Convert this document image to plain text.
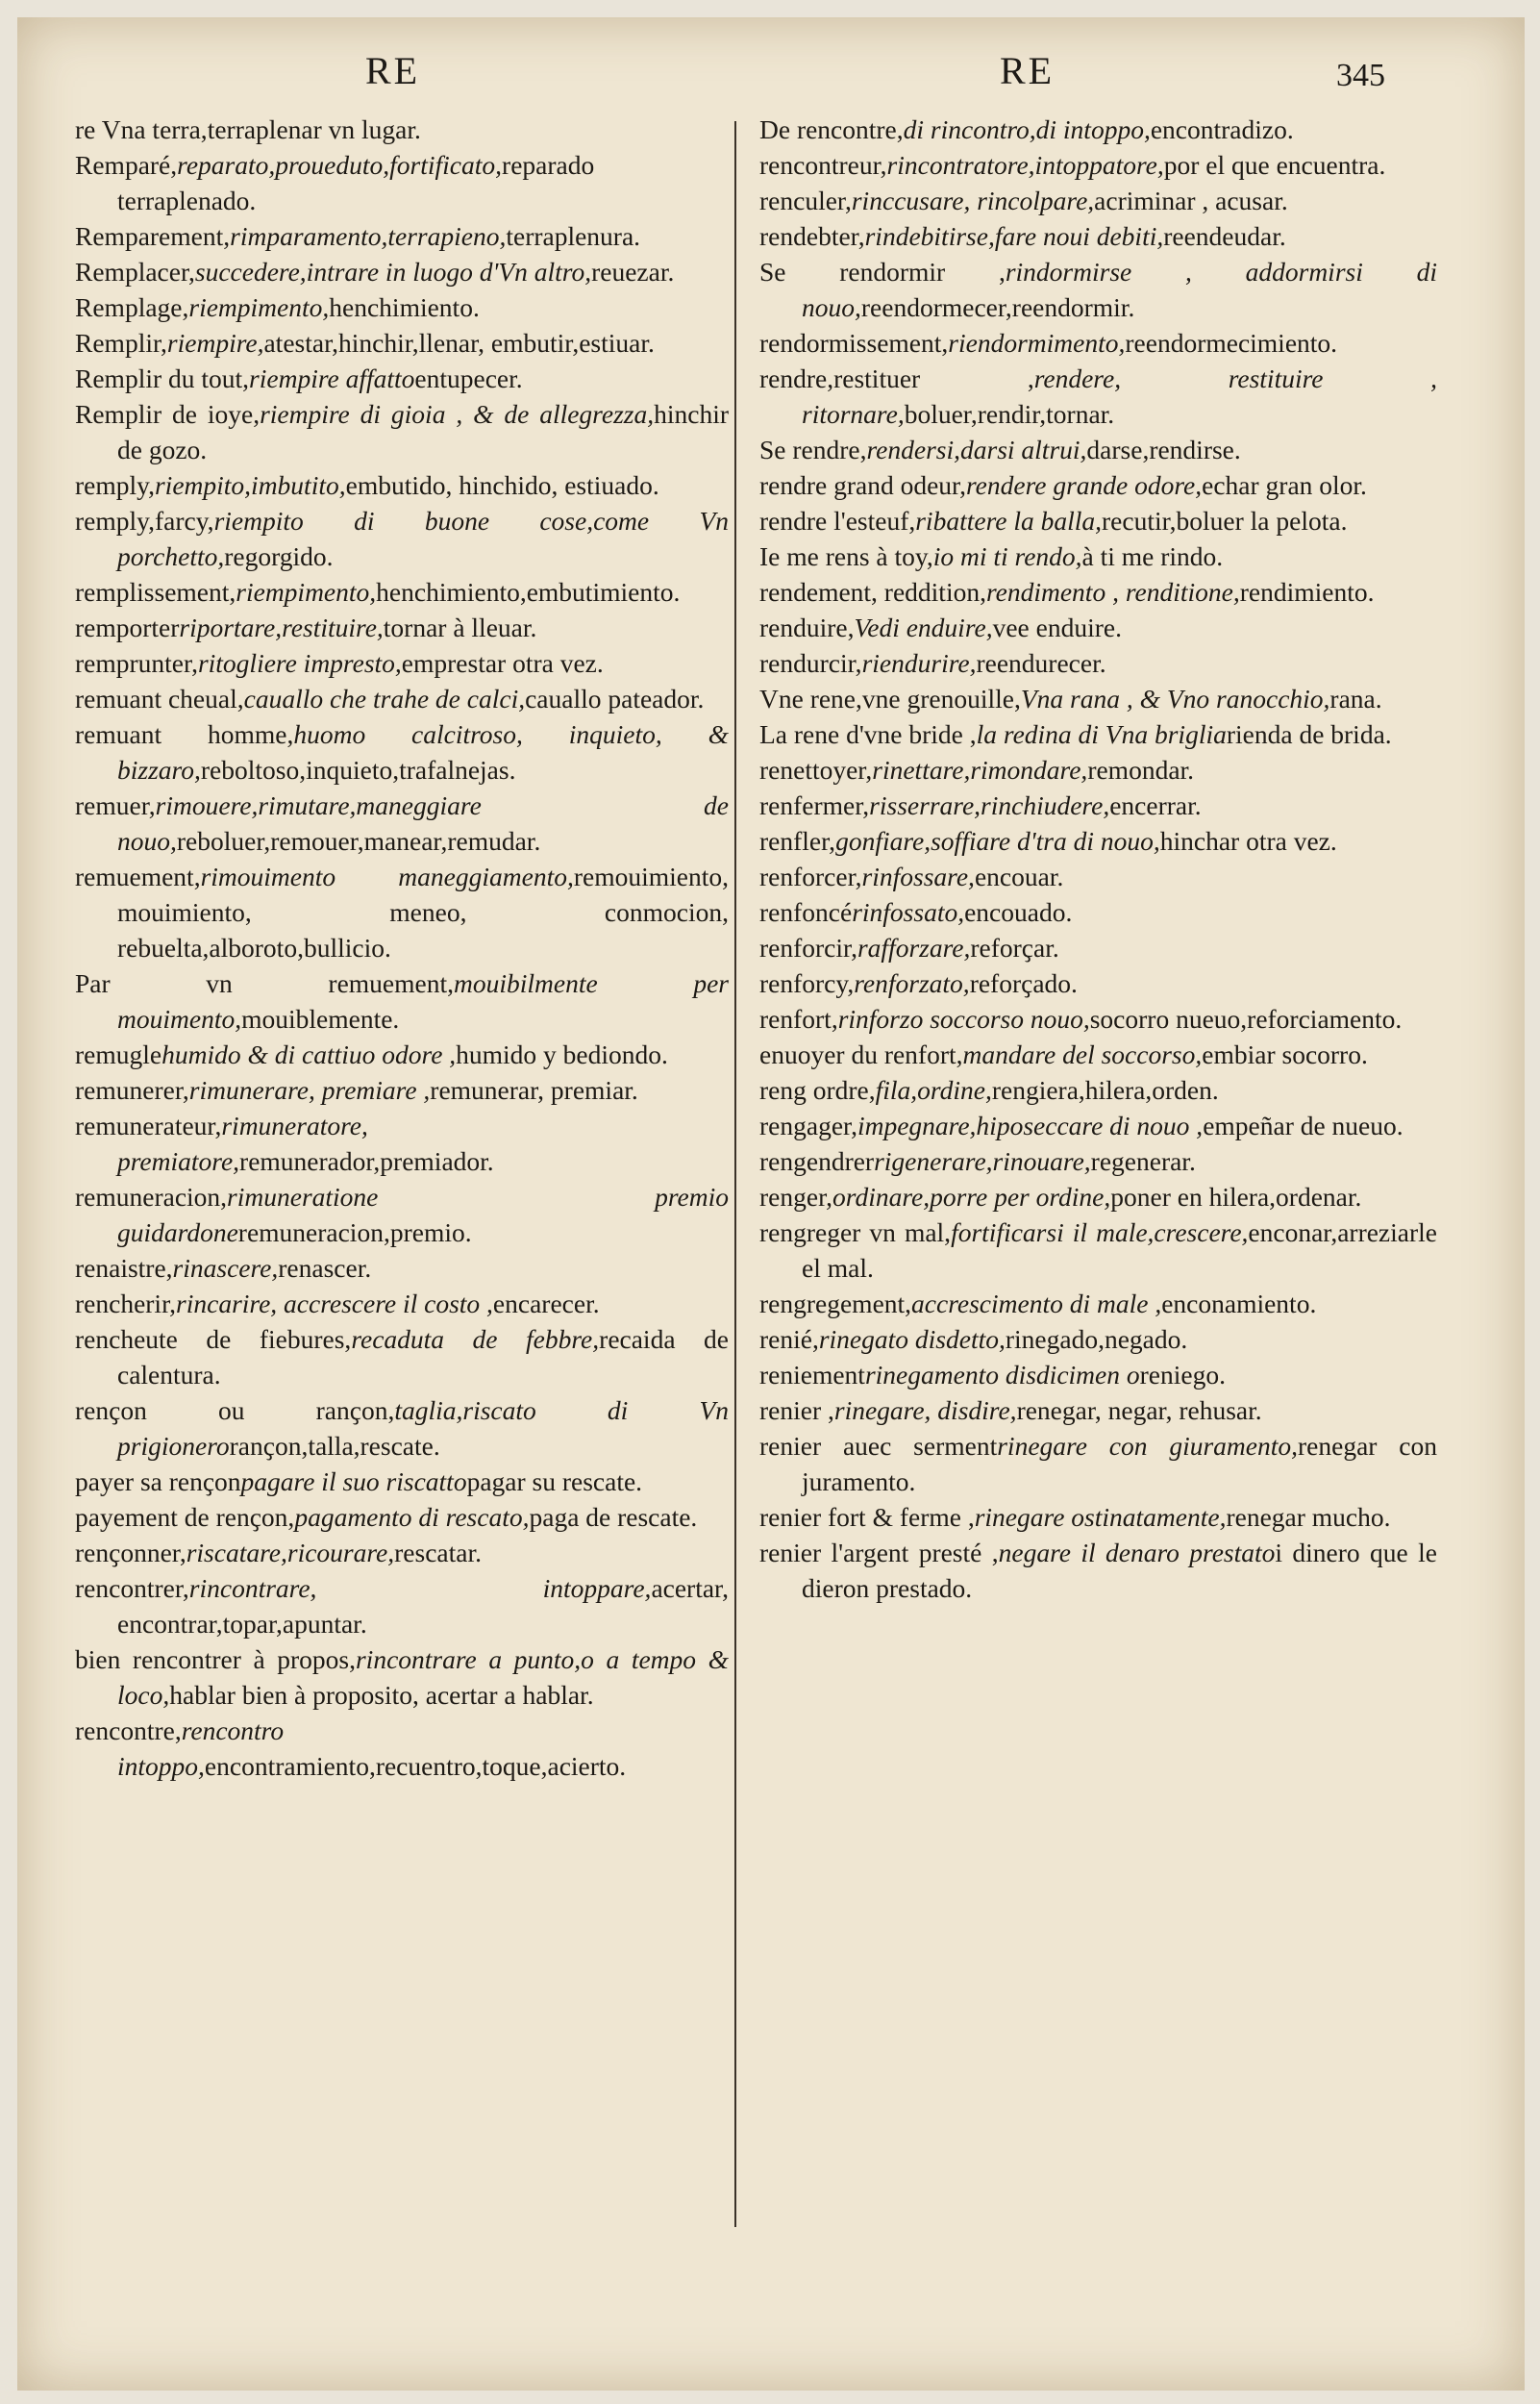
RE	RE	345
re Vna terra,terraplenar vn lugar.
Remparé,reparato,proueduto,fortificato,reparado terraplenado.
Remparement,rimparamento,terrapieno,terraplenura.
Remplacer,succedere,intrare in luogo d'Vn altro,reuezar.
Remplage,riempimento,henchimiento.
Remplir,riempire,atestar,hinchir,llenar, embutir,estiuar.
Remplir du tout,riempire affattoentupecer.
Remplir de ioye,riempire di gioia , & de allegrezza,hinchir de gozo.
remply,riempito,imbutito,embutido, hinchido, estiuado.
remply,farcy,riempito di buone cose,come Vn porchetto,regorgido.
remplissement,riempimento,henchimiento,embutimiento.
remporterriportare,restituire,tornar à lleuar.
remprunter,ritogliere impresto,emprestar otra vez.
remuant cheual,cauallo che trahe de calci,cauallo pateador.
remuant homme,huomo calcitroso, inquieto, & bizzaro,reboltoso,inquieto,trafalnejas.
remuer,rimouere,rimutare,maneggiare de nouo,reboluer,remouer,manear,remudar.
remuement,rimouimento maneggiamento,remouimiento, mouimiento, meneo, conmocion, rebuelta,alboroto,bullicio.
Par vn remuement,mouibilmente per mouimento,mouiblemente.
remuglehumido & di cattiuo odore ,humido y bediondo.
remunerer,rimunerare, premiare ,remunerar, premiar.
remunerateur,rimuneratore, premiatore,remunerador,premiador.
remuneracion,rimuneratione premio guidardoneremuneracion,premio.
renaistre,rinascere,renascer.
rencherir,rincarire, accrescere il costo ,encarecer.
rencheute de fiebures,recaduta de febbre,recaida de calentura.
renҫon ou ranҫon,taglia,riscato di Vn prigioneroranҫon,talla,rescate.
payer sa renҫonpagare il suo riscattopagar su rescate.
payement de renҫon,pagamento di rescato,paga de rescate.
renҫonner,riscatare,ricourare,rescatar.
rencontrer,rincontrare, intoppare,acertar, encontrar,topar,apuntar.
bien rencontrer à propos,rincontrare a punto,o a tempo & loco,hablar bien à proposito, acertar a hablar.
rencontre,rencontro intoppo,encontramiento,recuentro,toque,acierto.
De rencontre,di rincontro,di intoppo,encontradizo.
rencontreur,rincontratore,intoppatore,por el que encuentra.
renculer,rinccusare, rincolpare,acriminar , acusar.
rendebter,rindebitirse,fare noui debiti,reendeudar.
Se rendormir ,rindormirse , addormirsi di nouo,reendormecer,reendormir.
rendormissement,riendormimento,reendormecimiento.
rendre,restituer ,rendere, restituire , ritornare,boluer,rendir,tornar.
Se rendre,rendersi,darsi altrui,darse,rendirse.
rendre grand odeur,rendere grande odore,echar gran olor.
rendre l'esteuf,ribattere la balla,recutir,boluer la pelota.
Ie me rens à toy,io mi ti rendo,à ti me rindo.
rendement, reddition,rendimento , renditione,rendimiento.
renduire,Vedi enduire,vee enduire.
rendurcir,riendurire,reendurecer.
Vne rene,vne grenouille,Vna rana , & Vno ranocchio,rana.
La rene d'vne bride ,la redina di Vna brigliarienda de brida.
renettoyer,rinettare,rimondare,remondar.
renfermer,risserrare,rinchiudere,encerrar.
renfler,gonfiare,soffiare d'tra di nouo,hinchar otra vez.
renforcer,rinfossare,encouar.
renfoncérinfossato,encouado.
renforcir,rafforzare,reforҫar.
renforcy,renforzato,reforҫado.
renfort,rinforzo soccorso nouo,socorro nueuo,reforciamento.
enuoyer du renfort,mandare del soccorso,embiar socorro.
reng ordre,fila,ordine,rengiera,hilera,orden.
rengager,impegnare,hiposeccare di nouo ,empeñar de nueuo.
rengendrerrigenerare,rinouare,regenerar.
renger,ordinare,porre per ordine,poner en hilera,ordenar.
rengreger vn mal,fortificarsi il male,crescere,enconar,arreziarle el mal.
rengregement,accrescimento di male ,enconamiento.
renié,rinegato disdetto,rinegado,negado.
reniementrinegamento disdicimen oreniego.
renier ,rinegare, disdire,renegar, negar, rehusar.
renier auec sermentrinegare con giuramento,renegar con juramento.
renier fort & ferme ,rinegare ostinatamente,renegar mucho.
renier l'argent presté ,negare il denaro prestatoi dinero que le dieron prestado.
